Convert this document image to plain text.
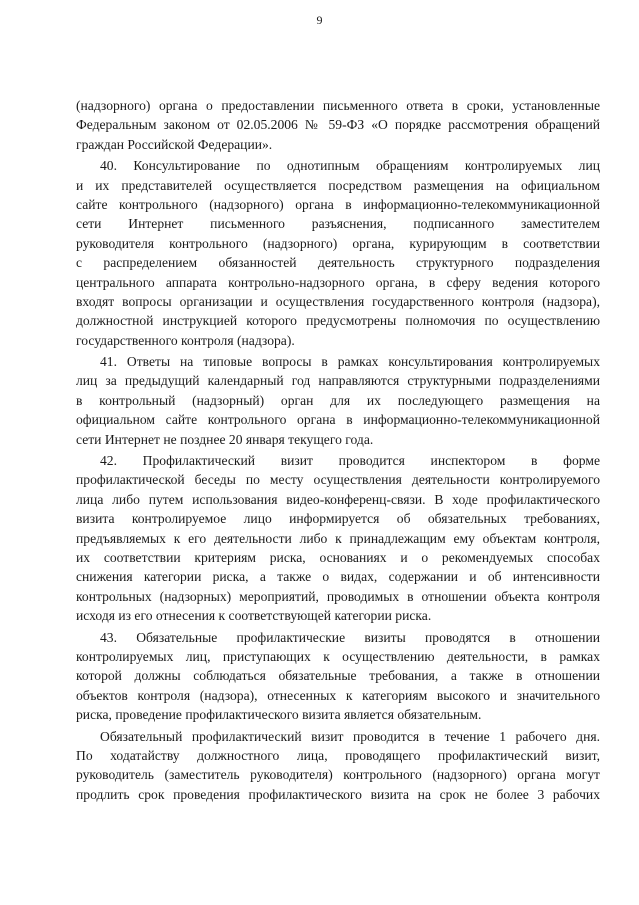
9
(надзорного) органа о предоставлении письменного ответа в сроки, установленные
Федеральным законом от 02.05.2006 № 59-ФЗ «О порядке рассмотрения обращений
граждан Российской Федерации».
40. Консультирование по однотипным обращениям контролируемых лиц
и их представителей осуществляется посредством размещения на официальном
сайте контрольного (надзорного) органа в информационно-телекоммуникационной
сети Интернет письменного разъяснения, подписанного заместителем
руководителя контрольного (надзорного) органа, курирующим в соответствии
с распределением обязанностей деятельность структурного подразделения
центрального аппарата контрольно-надзорного органа, в сферу ведения которого
входят вопросы организации и осуществления государственного контроля (надзора),
должностной инструкцией которого предусмотрены полномочия по осуществлению
государственного контроля (надзора).
41. Ответы на типовые вопросы в рамках консультирования контролируемых
лиц за предыдущий календарный год направляются структурными подразделениями
в контрольный (надзорный) орган для их последующего размещения на
официальном сайте контрольного органа в информационно-телекоммуникационной
сети Интернет не позднее 20 января текущего года.
42. Профилактический визит проводится инспектором в форме
профилактической беседы по месту осуществления деятельности контролируемого
лица либо путем использования видео-конференц-связи. В ходе профилактического
визита контролируемое лицо информируется об обязательных требованиях,
предъявляемых к его деятельности либо к принадлежащим ему объектам контроля,
их соответствии критериям риска, основаниях и о рекомендуемых способах
снижения категории риска, а также о видах, содержании и об интенсивности
контрольных (надзорных) мероприятий, проводимых в отношении объекта контроля
исходя из его отнесения к соответствующей категории риска.
43. Обязательные профилактические визиты проводятся в отношении
контролируемых лиц, приступающих к осуществлению деятельности, в рамках
которой должны соблюдаться обязательные требования, а также в отношении
объектов контроля (надзора), отнесенных к категориям высокого и значительного
риска, проведение профилактического визита является обязательным.
Обязательный профилактический визит проводится в течение 1 рабочего дня.
По ходатайству должностного лица, проводящего профилактический визит,
руководитель (заместитель руководителя) контрольного (надзорного) органа могут
продлить срок проведения профилактического визита на срок не более 3 рабочих
